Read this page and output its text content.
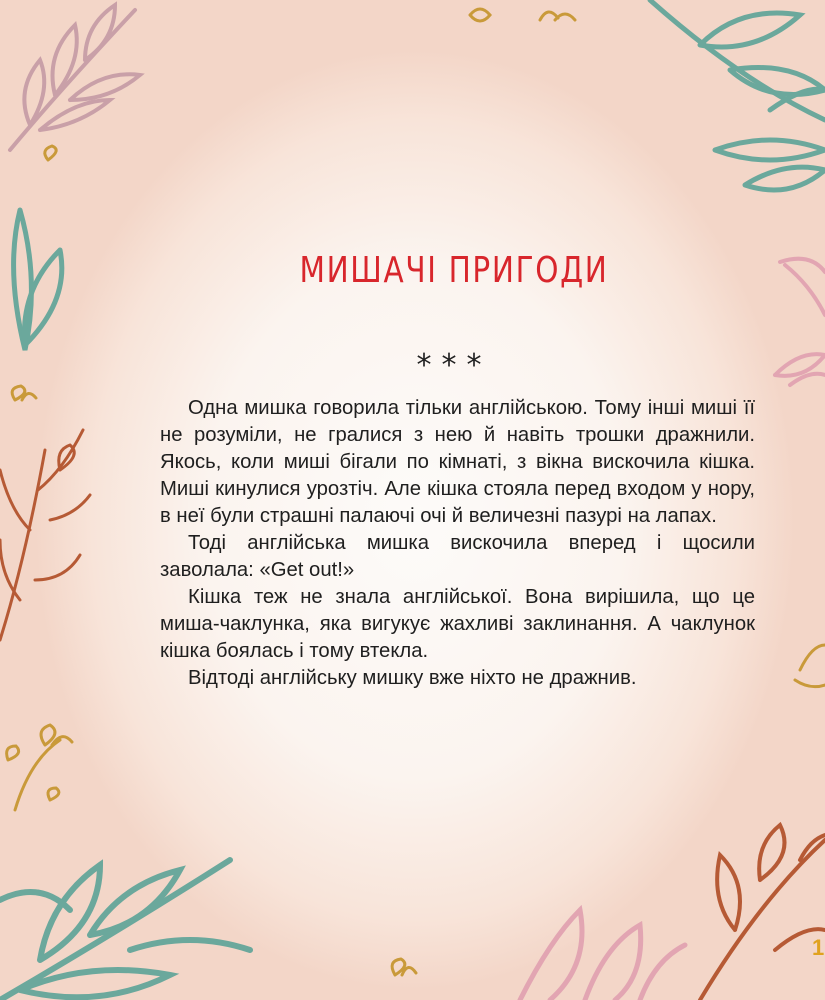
МИШАЧІ ПРИГОДИ
***

Одна мишка говорила тільки англійською. Тому інші миші її не розуміли, не гралися з нею й навіть трошки дражнили. Якось, коли миші бігали по кімнаті, з вікна вискочила кішка. Миші кинулися урозтіч. Але кішка стояла перед входом у нору, в неї були страшні палаючі очі й величезні пазурі на лапах.

Тоді англійська мишка вискочила вперед і щосили заволала: «Get out!»

Кішка теж не знала англійської. Вона вирішила, що це миша-чаклунка, яка вигукує жахливі заклинання. А чаклунок кішка боялась і тому втекла.

Відтоді англійську мишку вже ніхто не дражнив.

1
